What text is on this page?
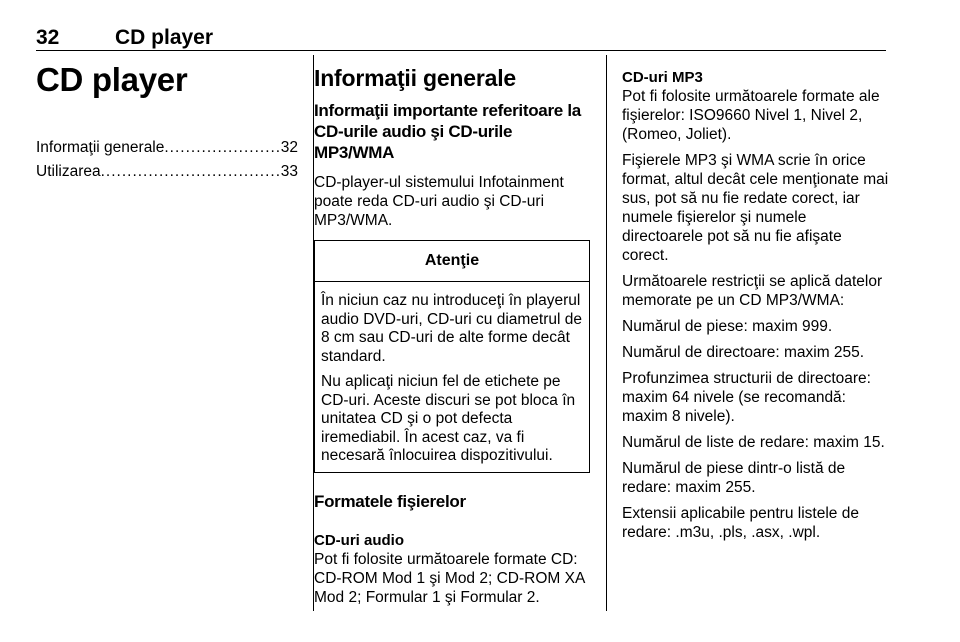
32	CD player
CD player
Informaţii generale .....	32
Utilizarea .....	33
Informaţii generale
Informaţii importante referitoare la CD-urile audio şi CD-urile MP3/WMA
CD-player-ul sistemului Infotainment poate reda CD-uri audio şi CD-uri MP3/WMA.
Atenţie
În niciun caz nu introduceţi în playerul audio DVD-uri, CD-uri cu diametrul de 8 cm sau CD-uri de alte forme decât standard.
Nu aplicaţi niciun fel de etichete pe CD-uri. Aceste discuri se pot bloca în unitatea CD şi o pot defecta iremediabil. În acest caz, va fi necesară înlocuirea dispozitivului.
Formatele fişierelor
CD-uri audio
Pot fi folosite următoarele formate CD: CD-ROM Mod 1 şi Mod 2; CD-ROM XA Mod 2; Formular 1 şi Formular 2.
CD-uri MP3
Pot fi folosite următoarele formate ale fişierelor: ISO9660 Nivel 1, Nivel 2, (Romeo, Joliet).
Fişierele MP3 şi WMA scrie în orice format, altul decât cele menţionate mai sus, pot să nu fie redate corect, iar numele fişierelor şi numele directoarele pot să nu fie afişate corect.
Următoarele restricţii se aplică datelor memorate pe un CD MP3/WMA:
Numărul de piese: maxim 999.
Numărul de directoare: maxim 255.
Profunzimea structurii de directoare: maxim 64 nivele (se recomandă: maxim 8 nivele).
Numărul de liste de redare: maxim 15.
Numărul de piese dintr-o listă de redare: maxim 255.
Extensii aplicabile pentru listele de redare: .m3u, .pls, .asx, .wpl.
